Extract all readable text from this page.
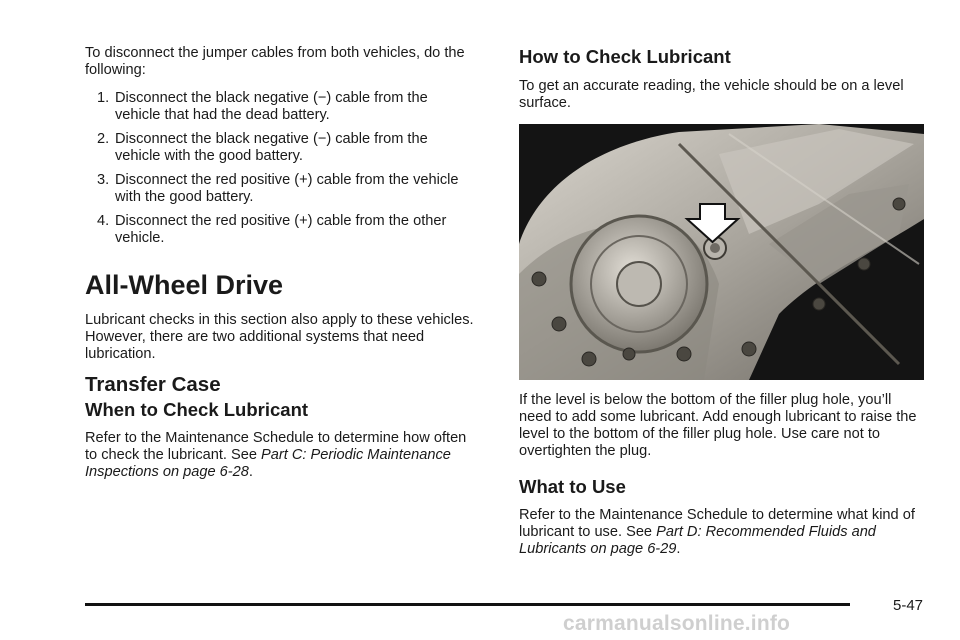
To disconnect the jumper cables from both vehicles, do the following:

1. Disconnect the black negative (−) cable from the vehicle that had the dead battery.
2. Disconnect the black negative (−) cable from the vehicle with the good battery.
3. Disconnect the red positive (+) cable from the vehicle with the good battery.
4. Disconnect the red positive (+) cable from the other vehicle.
All-Wheel Drive

Lubricant checks in this section also apply to these vehicles. However, there are two additional systems that need lubrication.

Transfer Case
When to Check Lubricant

Refer to the Maintenance Schedule to determine how often to check the lubricant. See Part C: Periodic Maintenance Inspections on page 6-28.

How to Check Lubricant

To get an accurate reading, the vehicle should be on a level surface.

If the level is below the bottom of the filler plug hole, you’ll need to add some lubricant. Add enough lubricant to raise the level to the bottom of the filler plug hole. Use care not to overtighten the plug.

What to Use

Refer to the Maintenance Schedule to determine what kind of lubricant to use. See Part D: Recommended Fluids and Lubricants on page 6-29.

5-47
carmanualsonline.info
